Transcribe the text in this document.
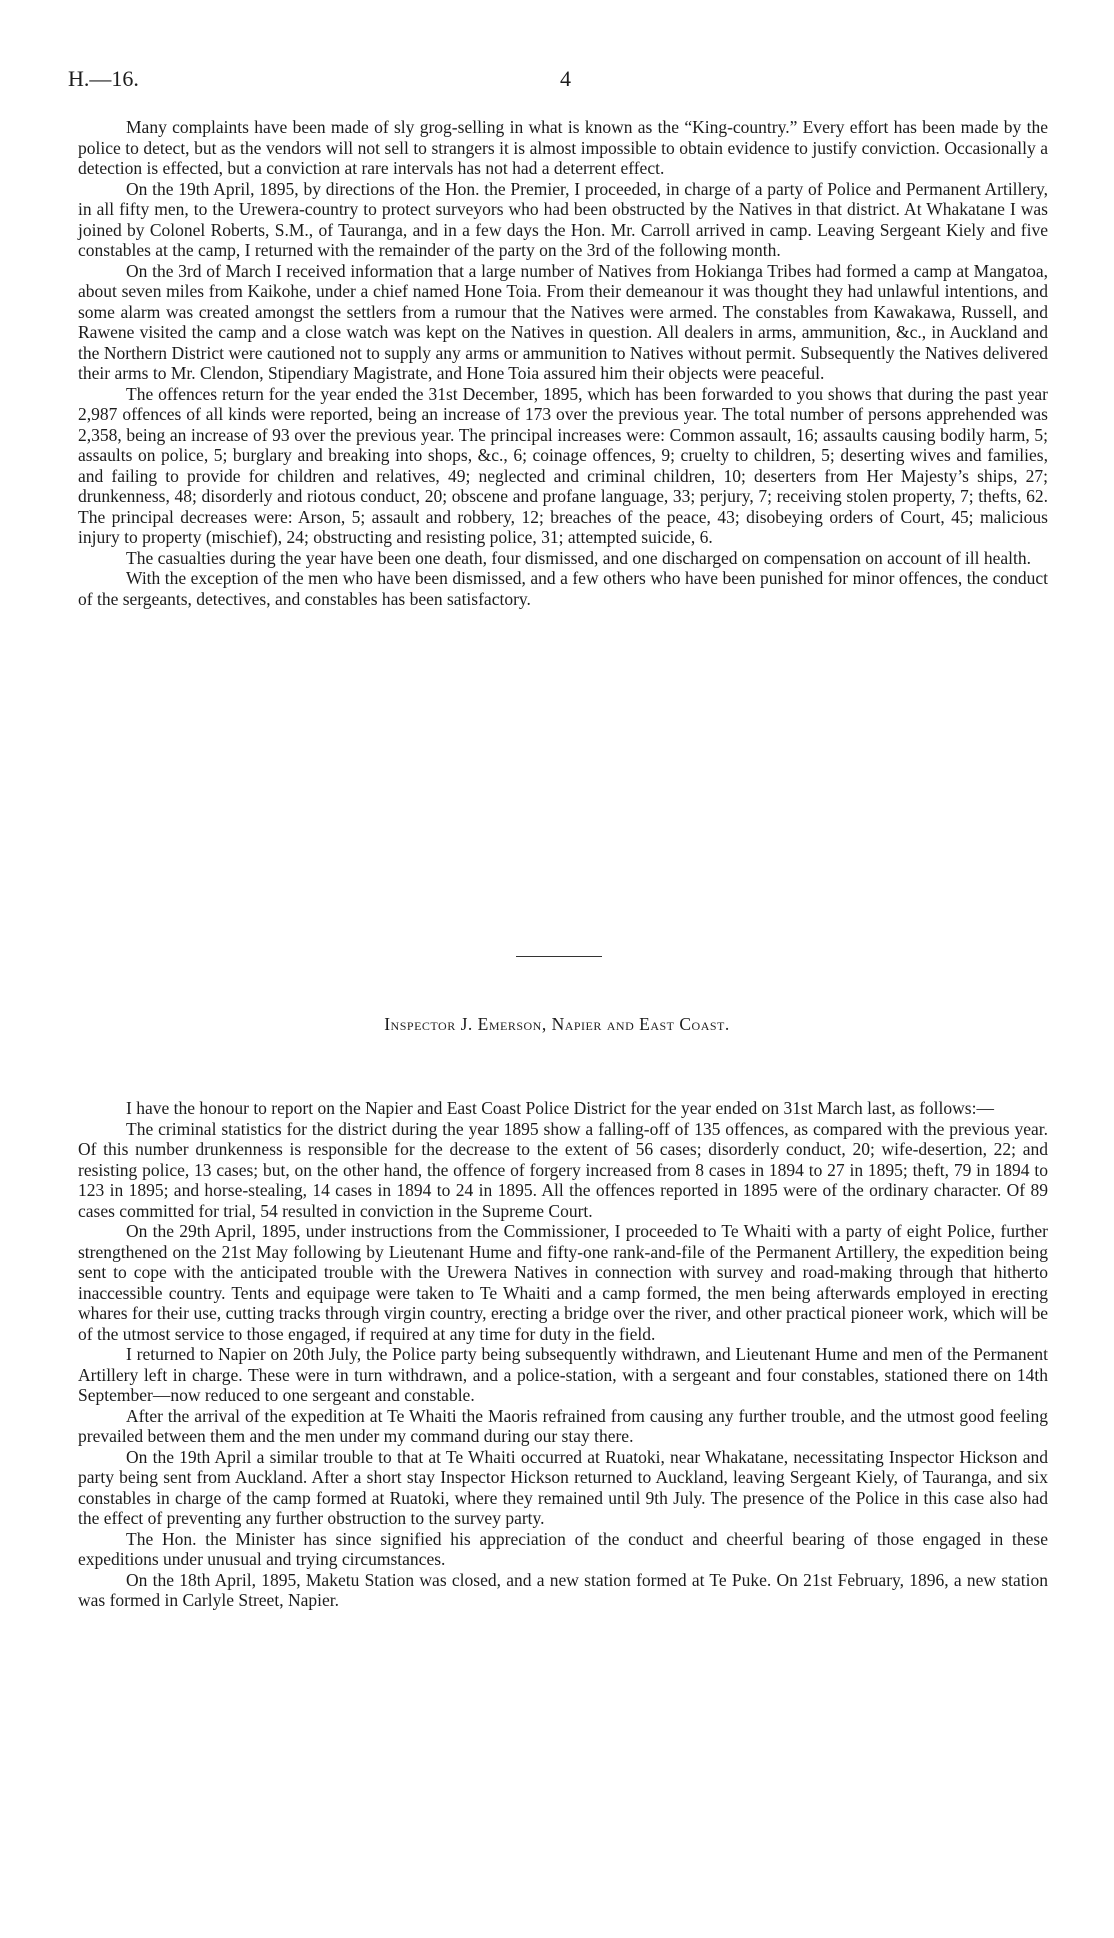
H.—16.	4

Many complaints have been made of sly grog-selling in what is known as the “King-country.” Every effort has been made by the police to detect, but as the vendors will not sell to strangers it is almost impossible to obtain evidence to justify conviction. Occasionally a detection is effected, but a conviction at rare intervals has not had a deterrent effect.

On the 19th April, 1895, by directions of the Hon. the Premier, I proceeded, in charge of a party of Police and Permanent Artillery, in all fifty men, to the Urewera-country to protect surveyors who had been obstructed by the Natives in that district. At Whakatane I was joined by Colonel Roberts, S.M., of Tauranga, and in a few days the Hon. Mr. Carroll arrived in camp. Leaving Sergeant Kiely and five constables at the camp, I returned with the remainder of the party on the 3rd of the following month.

On the 3rd of March I received information that a large number of Natives from Hokianga Tribes had formed a camp at Mangatoa, about seven miles from Kaikohe, under a chief named Hone Toia. From their demeanour it was thought they had unlawful intentions, and some alarm was created amongst the settlers from a rumour that the Natives were armed. The constables from Kawakawa, Russell, and Rawene visited the camp and a close watch was kept on the Natives in question. All dealers in arms, ammunition, &c., in Auckland and the Northern District were cautioned not to supply any arms or ammunition to Natives without permit. Subsequently the Natives delivered their arms to Mr. Clendon, Stipendiary Magistrate, and Hone Toia assured him their objects were peaceful.

The offences return for the year ended the 31st December, 1895, which has been forwarded to you shows that during the past year 2,987 offences of all kinds were reported, being an increase of 173 over the previous year. The total number of persons apprehended was 2,358, being an increase of 93 over the previous year. The principal increases were: Common assault, 16; assaults causing bodily harm, 5; assaults on police, 5; burglary and breaking into shops, &c., 6; coinage offences, 9; cruelty to children, 5; deserting wives and families, and failing to provide for children and relatives, 49; neglected and criminal children, 10; deserters from Her Majesty’s ships, 27; drunkenness, 48; disorderly and riotous conduct, 20; obscene and profane language, 33; perjury, 7; receiving stolen property, 7; thefts, 62. The principal decreases were: Arson, 5; assault and robbery, 12; breaches of the peace, 43; disobeying orders of Court, 45; malicious injury to property (mischief), 24; obstructing and resisting police, 31; attempted suicide, 6.

The casualties during the year have been one death, four dismissed, and one discharged on compensation on account of ill health.

With the exception of the men who have been dismissed, and a few others who have been punished for minor offences, the conduct of the sergeants, detectives, and constables has been satisfactory.

Inspector J. Emerson, Napier and East Coast.

I have the honour to report on the Napier and East Coast Police District for the year ended on 31st March last, as follows:—

The criminal statistics for the district during the year 1895 show a falling-off of 135 offences, as compared with the previous year. Of this number drunkenness is responsible for the decrease to the extent of 56 cases; disorderly conduct, 20; wife-desertion, 22; and resisting police, 13 cases; but, on the other hand, the offence of forgery increased from 8 cases in 1894 to 27 in 1895; theft, 79 in 1894 to 123 in 1895; and horse-stealing, 14 cases in 1894 to 24 in 1895. All the offences reported in 1895 were of the ordinary character. Of 89 cases committed for trial, 54 resulted in conviction in the Supreme Court.

On the 29th April, 1895, under instructions from the Commissioner, I proceeded to Te Whaiti with a party of eight Police, further strengthened on the 21st May following by Lieutenant Hume and fifty-one rank-and-file of the Permanent Artillery, the expedition being sent to cope with the anticipated trouble with the Urewera Natives in connection with survey and road-making through that hitherto inaccessible country. Tents and equipage were taken to Te Whaiti and a camp formed, the men being afterwards employed in erecting whares for their use, cutting tracks through virgin country, erecting a bridge over the river, and other practical pioneer work, which will be of the utmost service to those engaged, if required at any time for duty in the field.

I returned to Napier on 20th July, the Police party being subsequently withdrawn, and Lieutenant Hume and men of the Permanent Artillery left in charge. These were in turn withdrawn, and a police-station, with a sergeant and four constables, stationed there on 14th September—now reduced to one sergeant and constable.

After the arrival of the expedition at Te Whaiti the Maoris refrained from causing any further trouble, and the utmost good feeling prevailed between them and the men under my command during our stay there.

On the 19th April a similar trouble to that at Te Whaiti occurred at Ruatoki, near Whakatane, necessitating Inspector Hickson and party being sent from Auckland. After a short stay Inspector Hickson returned to Auckland, leaving Sergeant Kiely, of Tauranga, and six constables in charge of the camp formed at Ruatoki, where they remained until 9th July. The presence of the Police in this case also had the effect of preventing any further obstruction to the survey party.

The Hon. the Minister has since signified his appreciation of the conduct and cheerful bearing of those engaged in these expeditions under unusual and trying circumstances.

On the 18th April, 1895, Maketu Station was closed, and a new station formed at Te Puke. On 21st February, 1896, a new station was formed in Carlyle Street, Napier.
